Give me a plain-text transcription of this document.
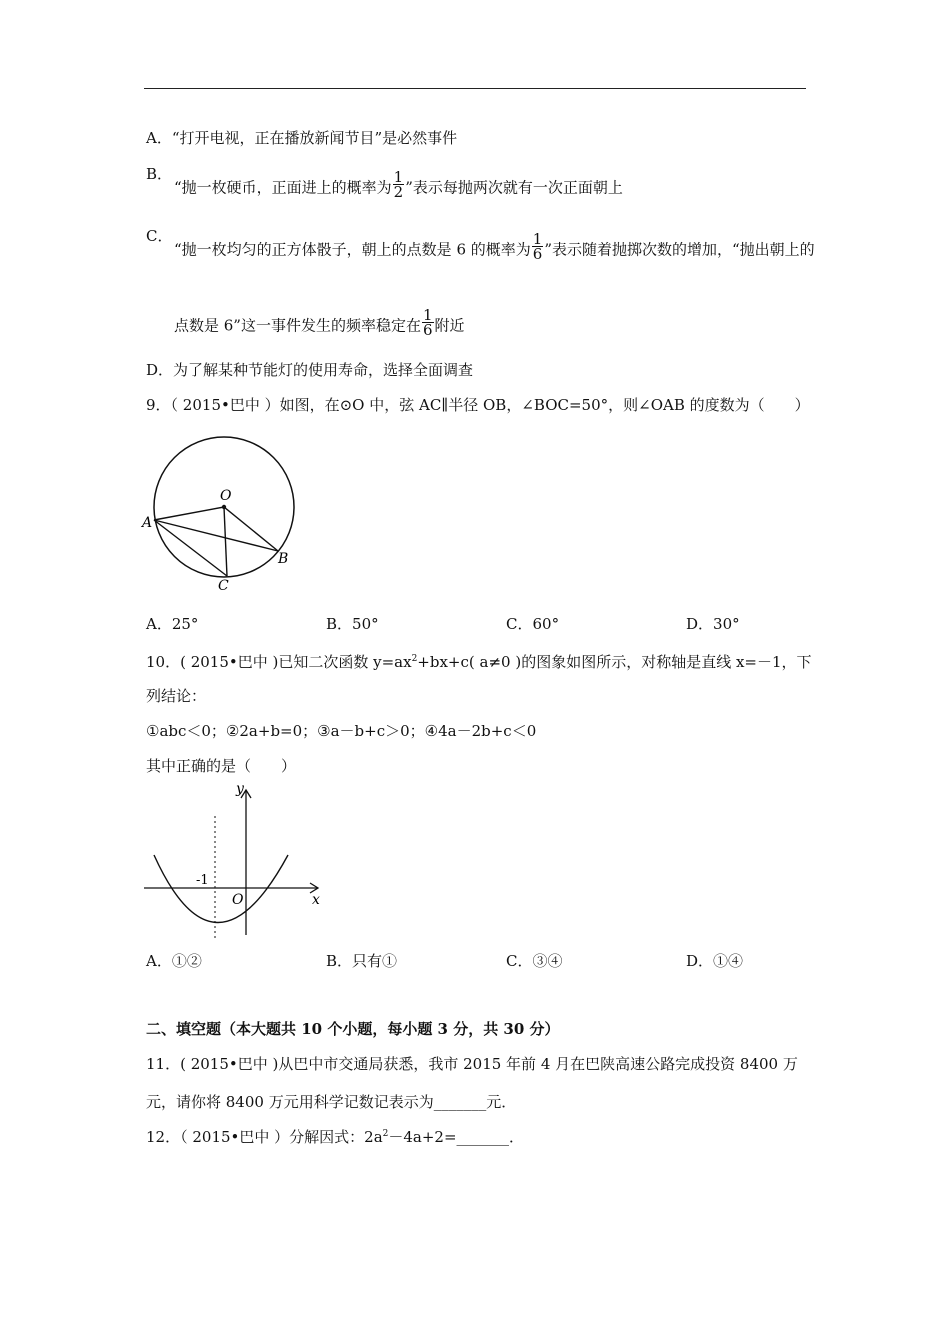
A．“打开电视，正在播放新闻节目”是必然事件
B．
“抛一枚硬币，正面进上的概率为 $\frac{1}{2}$ ”表示每抛两次就有一次正面朝上
C．
“抛一枚均匀的正方体骰子，朝上的点数是 6 的概率为 $\frac{1}{6}$ ”表示随着抛掷次数的增加，“抛出朝上的
点数是 6”这一事件发生的频率稳定在 $\frac{1}{6}$ 附近
D．为了解某种节能灯的使用寿命，选择全面调查
9．（ 2015•巴中 ）如图，在⊙O 中，弦 AC∥半径 OB，∠BOC=50°，则∠OAB 的度数为（　　）
O
A
B
C
A．25°	B．50°	C．60°	D．30°
10．( 2015•巴中 )已知二次函数 $y=ax^2+bx+c$( a≠0 )的图象如图所示，对称轴是直线 x=－1，下
列结论：
①abc＜0；②2a+b=0；③a－b+c＞0；④4a－2b+c＜0
其中正确的是（　　）
y
x
O
-1
A．①②	B．只有①	C．③④	D．①④
二、填空题（本大题共 10 个小题，每小题 3 分，共 30 分）
11．( 2015•巴中 )从巴中市交通局获悉，我市 2015 年前 4 月在巴陕高速公路完成投资 8400 万
元，请你将 8400 万元用科学记数记表示为_______元．
12．（ 2015•巴中 ）分解因式：$2a^2-4a+2=\_\_\_\_\_\_\_$．
